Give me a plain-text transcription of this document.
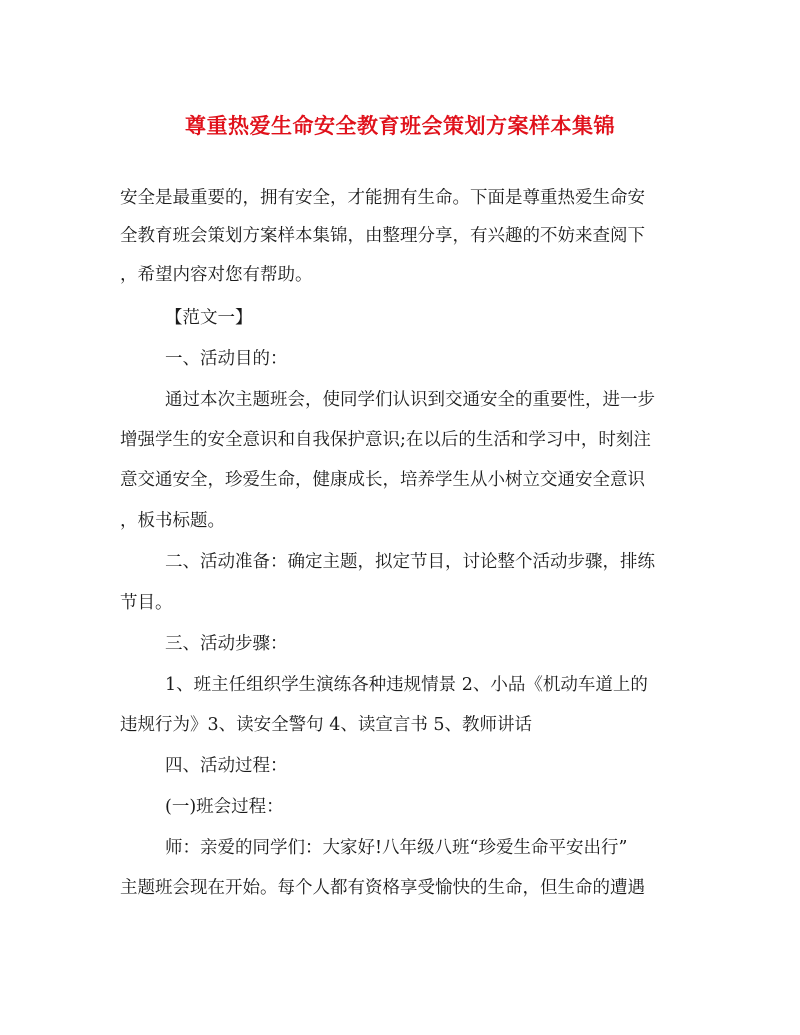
尊重热爱生命安全教育班会策划方案样本集锦
安全是最重要的，拥有安全，才能拥有生命。下面是尊重热爱生命安
全教育班会策划方案样本集锦，由整理分享，有兴趣的不妨来查阅下
，希望内容对您有帮助。
【范文一】
一、活动目的：
通过本次主题班会，使同学们认识到交通安全的重要性，进一步
增强学生的安全意识和自我保护意识;在以后的生活和学习中，时刻注
意交通安全，珍爱生命，健康成长，培养学生从小树立交通安全意识
，板书标题。
二、活动准备：确定主题，拟定节目，讨论整个活动步骤，排练
节目。
三、活动步骤：
1、班主任组织学生演练各种违规情景 2、小品《机动车道上的
违规行为》3、读安全警句 4、读宣言书 5、教师讲话
四、活动过程：
(一)班会过程：
师：亲爱的同学们：大家好!八年级八班“珍爱生命平安出行”
主题班会现在开始。每个人都有资格享受愉快的生命，但生命的遭遇
